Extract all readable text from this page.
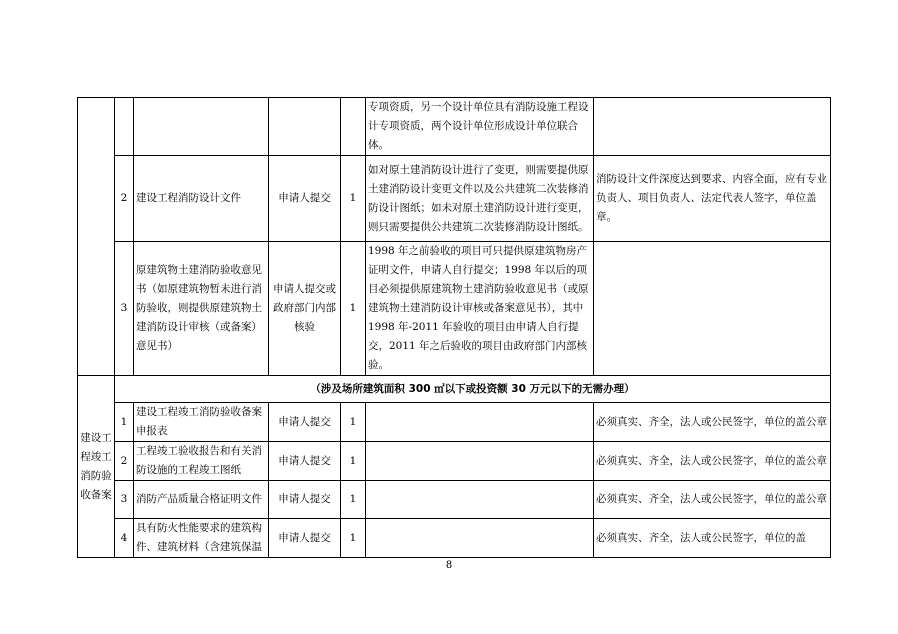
					专项资质，另一个设计单位具有消防设施工程设计专项资质，两个设计单位形成设计单位联合体。	
	2	建设工程消防设计文件	申请人提交	1	如对原土建消防设计进行了变更，则需要提供原土建消防设计变更文件以及公共建筑二次装修消防设计图纸；如未对原土建消防设计进行变更，则只需要提供公共建筑二次装修消防设计图纸。	消防设计文件深度达到要求、内容全面，应有专业负责人、项目负责人、法定代表人签字，单位盖章。
	3	原建筑物土建消防验收意见书（如原建筑物暂未进行消防验收，则提供原建筑物土建消防设计审核（或备案）意见书）	申请人提交或政府部门内部核验	1	1998 年之前验收的项目可只提供原建筑物房产证明文件，申请人自行提交；1998 年以后的项目必须提供原建筑物土建消防验收意见书（或原建筑物土建消防设计审核或备案意见书），其中 1998 年-2011 年验收的项目由申请人自行提交，2011 年之后验收的项目由政府部门内部核验。	
建设工程竣工消防验收备案	（涉及场所建筑面积 300 ㎡以下或投资额 30 万元以下的无需办理）					
	1	建设工程竣工消防验收备案申报表	申请人提交	1		必须真实、齐全，法人或公民签字，单位的盖公章
	2	工程竣工验收报告和有关消防设施的工程竣工图纸	申请人提交	1		必须真实、齐全，法人或公民签字，单位的盖公章
	3	消防产品质量合格证明文件	申请人提交	1		必须真实、齐全，法人或公民签字，单位的盖公章
	4	具有防火性能要求的建筑构件、建筑材料（含建筑保温	申请人提交	1		必须真实、齐全，法人或公民签字，单位的盖
8
